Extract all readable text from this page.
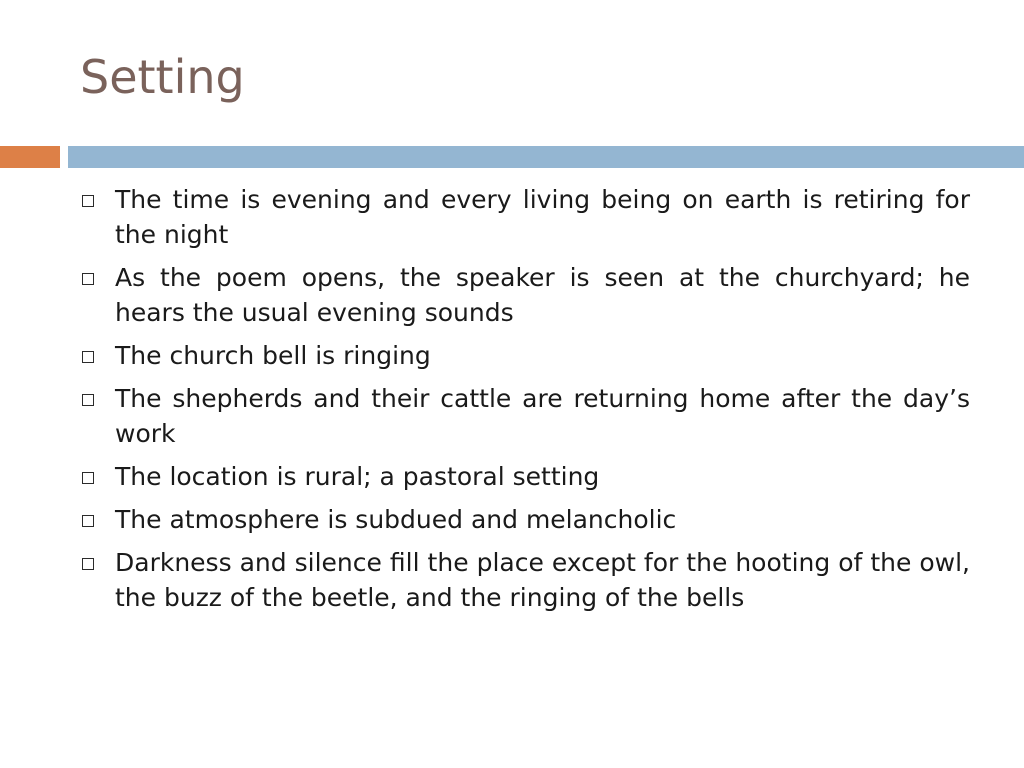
Setting
The time is evening and every living being on earth is retiring for the night
As the poem opens, the speaker is seen at the churchyard; he hears the usual evening sounds
The church bell is ringing
The shepherds and their cattle are returning home after the day’s work
The location is rural; a pastoral setting
The atmosphere is subdued and melancholic
Darkness and silence fill the place except for the hooting of the owl, the buzz of the beetle, and the ringing of the bells
